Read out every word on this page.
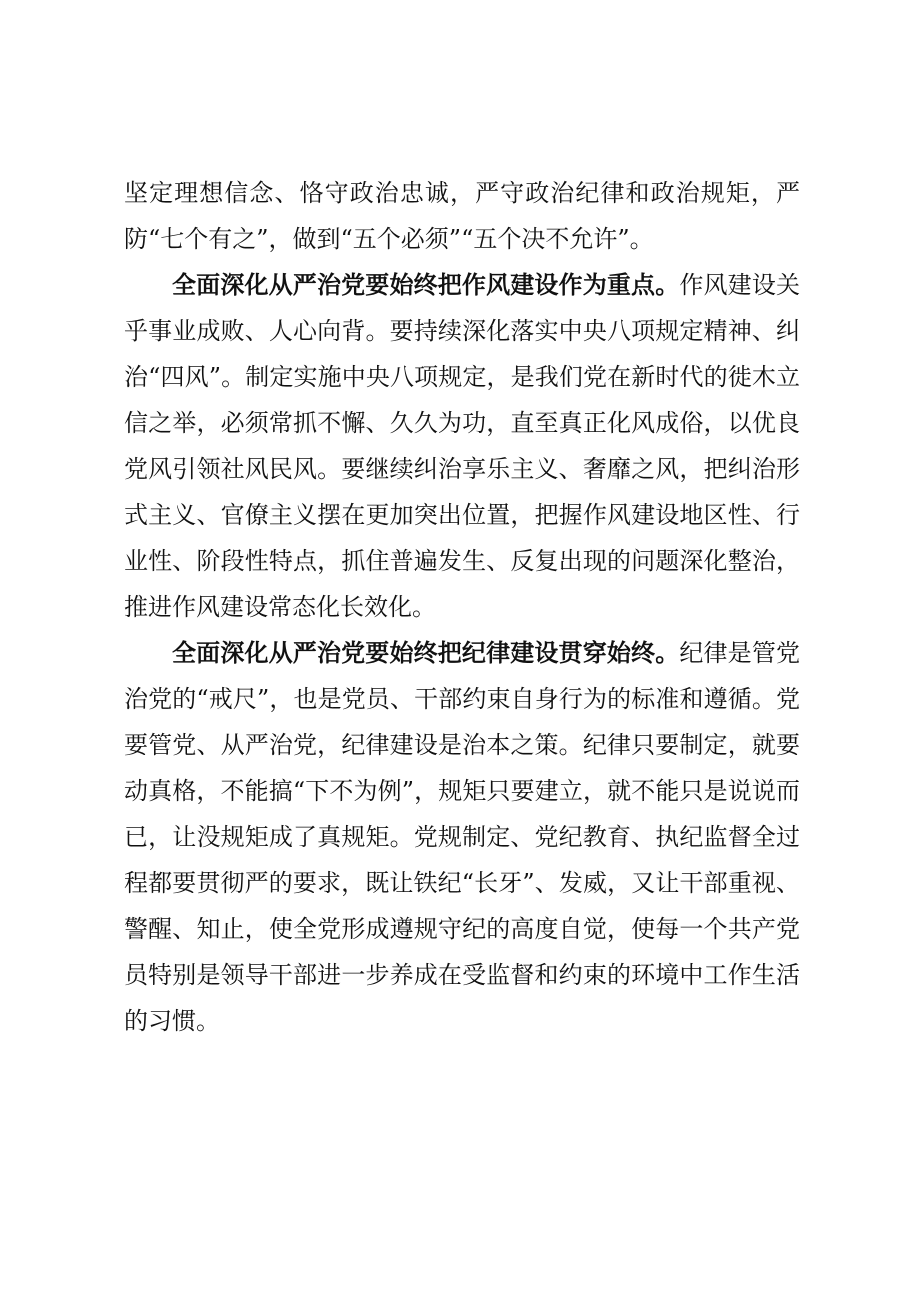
坚定理想信念、恪守政治忠诚，严守政治纪律和政治规矩，严防“七个有之”，做到“五个必须”“五个决不允许”。

全面深化从严治党要始终把作风建设作为重点。作风建设关乎事业成败、人心向背。要持续深化落实中央八项规定精神、纠治“四风”。制定实施中央八项规定，是我们党在新时代的徙木立信之举，必须常抓不懈、久久为功，直至真正化风成俗，以优良党风引领社风民风。要继续纠治享乐主义、奢靡之风，把纠治形式主义、官僚主义摆在更加突出位置，把握作风建设地区性、行业性、阶段性特点，抓住普遍发生、反复出现的问题深化整治，推进作风建设常态化长效化。

全面深化从严治党要始终把纪律建设贯穿始终。纪律是管党治党的“戒尺”，也是党员、干部约束自身行为的标准和遵循。党要管党、从严治党，纪律建设是治本之策。纪律只要制定，就要动真格，不能搞“下不为例”，规矩只要建立，就不能只是说说而已，让没规矩成了真规矩。党规制定、党纪教育、执纪监督全过程都要贯彻严的要求，既让铁纪“长牙”、发威，又让干部重视、警醒、知止，使全党形成遵规守纪的高度自觉，使每一个共产党员特别是领导干部进一步养成在受监督和约束的环境中工作生活的习惯。
